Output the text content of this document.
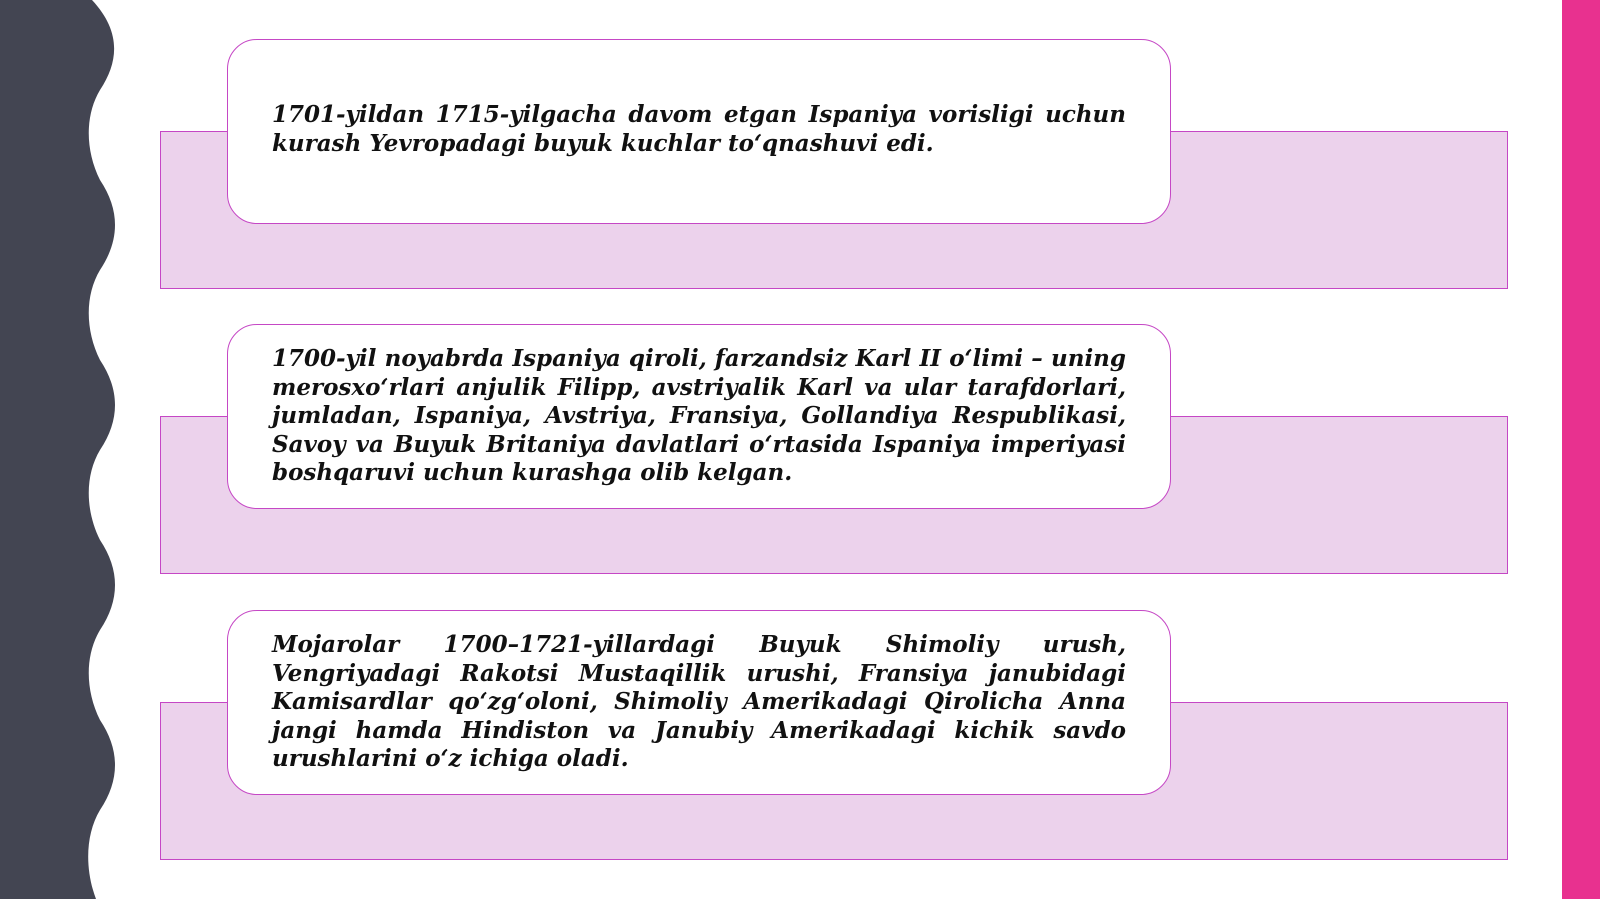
1701-yildan 1715-yilgacha davom etgan Ispaniya vorisligi uchun kurash Yevropadagi buyuk kuchlar to‘qnashuvi edi.

1700-yil noyabrda Ispaniya qiroli, farzandsiz Karl II o‘limi – uning merosxo‘rlari anjulik Filipp, avstriyalik Karl va ular tarafdorlari, jumladan, Ispaniya, Avstriya, Fransiya, Gollandiya Respublikasi, Savoy va Buyuk Britaniya davlatlari o‘rtasida Ispaniya imperiyasi boshqaruvi uchun kurashga olib kelgan.

Mojarolar 1700–1721-yillardagi Buyuk Shimoliy urush, Vengriyadagi Rakotsi Mustaqillik urushi, Fransiya janubidagi Kamisardlar qo‘zg‘oloni, Shimoliy Amerikadagi Qirolicha Anna jangi hamda Hindiston va Janubiy Amerikadagi kichik savdo urushlarini o‘z ichiga oladi.
